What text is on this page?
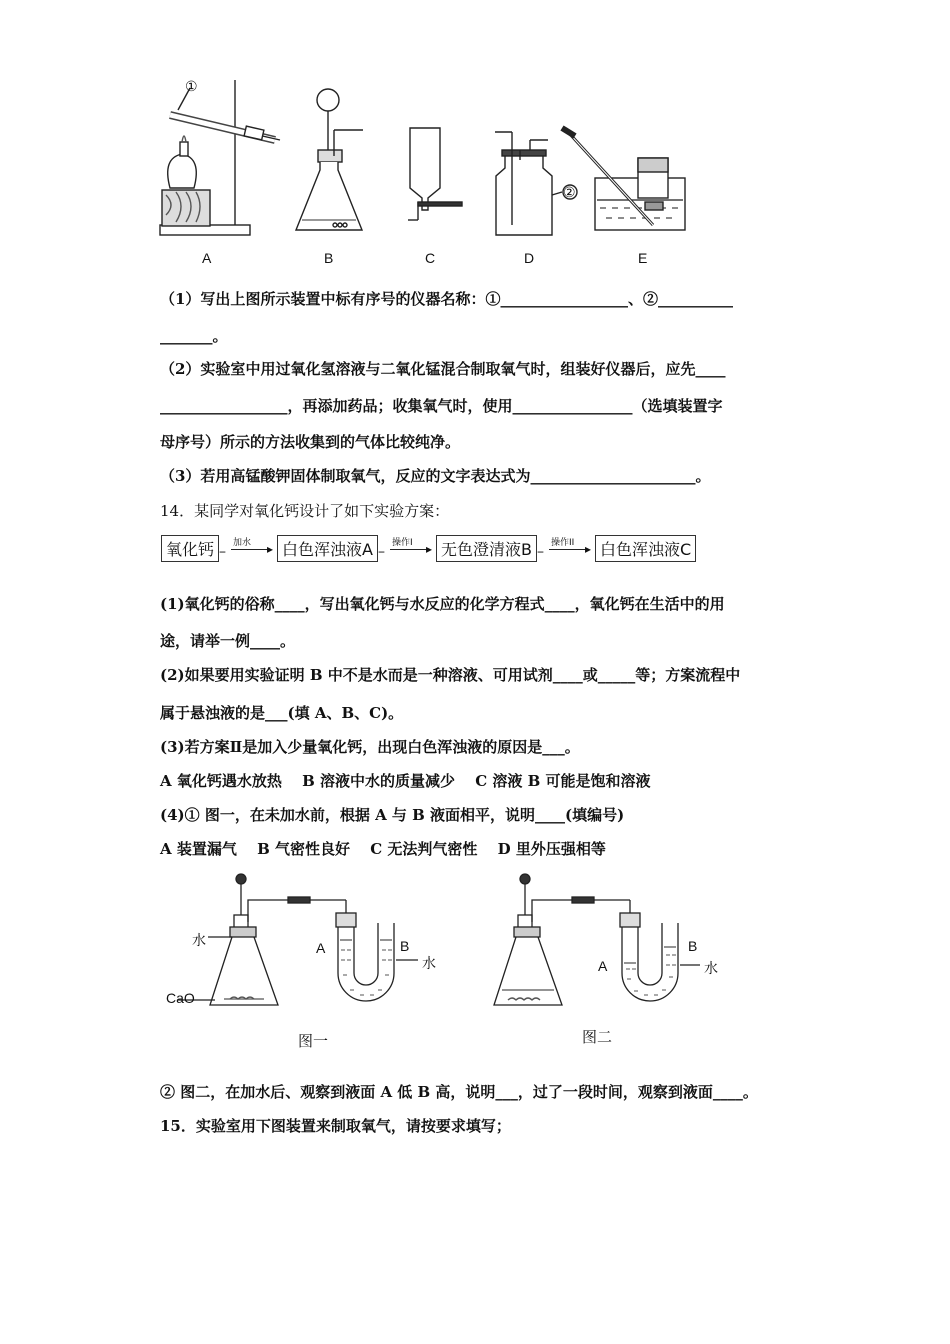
①
②
A	B	C	D	E
（1）写出上图所示装置中标有序号的仪器名称：①_________________、②__________
_______。
（2）实验室中用过氧化氢溶液与二氧化锰混合制取氧气时，组装好仪器后，应先____
_________________，再添加药品；收集氧气时，使用________________（选填装置字
母序号）所示的方法收集到的气体比较纯净。
（3）若用高锰酸钾固体制取氧气，反应的文字表达式为______________________。
14．某同学对氧化钙设计了如下实验方案：
氧化钙 –
加水 ▸ 白色浑浊液A –
操作I ▸ 无色澄清液B –
操作II ▸ 白色浑浊液C
(1)氧化钙的俗称____，写出氧化钙与水反应的化学方程式____，氧化钙在生活中的用
途，请举一例____。
(2)如果要用实验证明 B 中不是水而是一种溶液、可用试剂____或_____等；方案流程中
属于悬浊液的是___(填 A、B、C)。
(3)若方案Ⅱ是加入少量氧化钙，出现白色浑浊液的原因是___。
A 氧化钙遇水放热　 B 溶液中水的质量减少　 C 溶液 B 可能是饱和溶液
(4)① 图一，在未加水前，根据 A 与 B 液面相平，说明____(填编号)
A 装置漏气　 B 气密性良好　 C 无法判气密性　 D 里外压强相等
水
CaO
A	B
水
图一
A
B
水
图二
② 图二，在加水后、观察到液面 A 低 B 高，说明___，过了一段时间，观察到液面____。
15．实验室用下图装置来制取氧气，请按要求填写；
